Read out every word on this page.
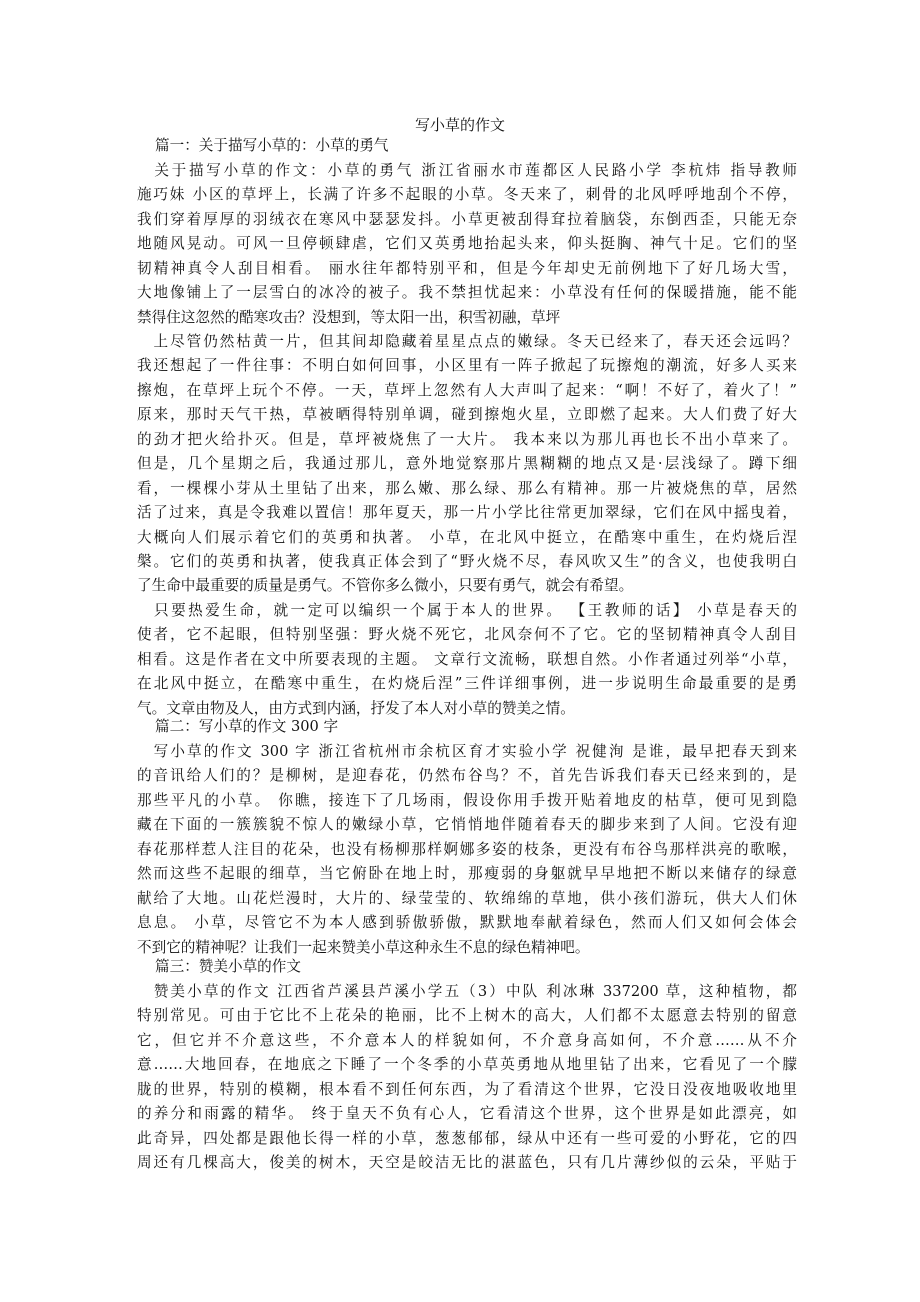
写小草的作文
篇一：关于描写小草的：小草的勇气
　关于描写小草的作文：小草的勇气 浙江省丽水市莲都区人民路小学 李杭炜 指导教师
施巧妹 小区的草坪上，长满了许多不起眼的小草。冬天来了，刺骨的北风呼呼地刮个不停，
我们穿着厚厚的羽绒衣在寒风中瑟瑟发抖。小草更被刮得耷拉着脑袋，东倒西歪，只能无奈
地随风晃动。可风一旦停顿肆虐，它们又英勇地抬起头来，仰头挺胸、神气十足。它们的坚
韧精神真令人刮目相看。 丽水往年都特别平和，但是今年却史无前例地下了好几场大雪，
大地像铺上了一层雪白的冰冷的被子。我不禁担忧起来：小草没有任何的保暖措施，能不能
禁得住这忽然的酷寒攻击？没想到，等太阳一出，积雪初融，草坪
　上尽管仍然枯黄一片，但其间却隐藏着星星点点的嫩绿。冬天已经来了，春天还会远吗？
我还想起了一件往事：不明白如何回事，小区里有一阵子掀起了玩擦炮的潮流，好多人买来
擦炮，在草坪上玩个不停。一天，草坪上忽然有人大声叫了起来：“啊！不好了，着火了！”
原来，那时天气干热，草被晒得特别单调，碰到擦炮火星，立即燃了起来。大人们费了好大
的劲才把火给扑灭。但是，草坪被烧焦了一大片。 我本来以为那儿再也长不出小草来了。
但是，几个星期之后，我通过那儿，意外地觉察那片黑糊糊的地点又是·层浅绿了。蹲下细
看，一棵棵小芽从土里钻了出来，那么嫩、那么绿、那么有精神。那一片被烧焦的草，居然
活了过来，真是令我难以置信！那年夏天，那一片小学比往常更加翠绿，它们在风中摇曳着，
大概向人们展示着它们的英勇和执著。 小草，在北风中挺立，在酷寒中重生，在灼烧后涅
槃。它们的英勇和执著，使我真正体会到了“野火烧不尽，春风吹又生”的含义，也使我明白
了生命中最重要的质量是勇气。不管你多么微小，只要有勇气，就会有希望。
　只要热爱生命，就一定可以编织一个属于本人的世界。 【王教师的话】 小草是春天的
使者，它不起眼，但特别坚强：野火烧不死它，北风奈何不了它。它的坚韧精神真令人刮目
相看。这是作者在文中所要表现的主题。 文章行文流畅，联想自然。小作者通过列举“小草，
在北风中挺立，在酷寒中重生，在灼烧后涅”三件详细事例，进一步说明生命最重要的是勇
气。文章由物及人，由方式到内涵，抒发了本人对小草的赞美之情。
篇二：写小草的作文 300 字
　写小草的作文 300 字 浙江省杭州市余杭区育才实验小学 祝健洵 是谁，最早把春天到来
的音讯给人们的？是柳树，是迎春花，仍然布谷鸟？不，首先告诉我们春天已经来到的，是
那些平凡的小草。 你瞧，接连下了几场雨，假设你用手拨开贴着地皮的枯草，便可见到隐
藏在下面的一簇簇貌不惊人的嫩绿小草，它悄悄地伴随着春天的脚步来到了人间。它没有迎
春花那样惹人注目的花朵，也没有杨柳那样婀娜多姿的枝条，更没有布谷鸟那样洪亮的歌喉，
然而这些不起眼的细草，当它俯卧在地上时，那瘦弱的身躯就早早地把不断以来储存的绿意
献给了大地。山花烂漫时，大片的、绿莹莹的、软绵绵的草地，供小孩们游玩，供大人们休
息息。 小草，尽管它不为本人感到骄傲骄傲，默默地奉献着绿色，然而人们又如何会体会
不到它的精神呢？让我们一起来赞美小草这种永生不息的绿色精神吧。
篇三：赞美小草的作文
　赞美小草的作文 江西省芦溪县芦溪小学五（3）中队 利冰琳 337200 草，这种植物，都
特别常见。可由于它比不上花朵的艳丽，比不上树木的高大，人们都不太愿意去特别的留意
它，但它并不介意这些，不介意本人的样貌如何，不介意身高如何，不介意……从不介
意……大地回春，在地底之下睡了一个冬季的小草英勇地从地里钻了出来，它看见了一个朦
胧的世界，特别的模糊，根本看不到任何东西，为了看清这个世界，它没日没夜地吸收地里
的养分和雨露的精华。 终于皇天不负有心人，它看清这个世界，这个世界是如此漂亮，如
此奇异，四处都是跟他长得一样的小草，葱葱郁郁，绿从中还有一些可爱的小野花，它的四
周还有几棵高大，俊美的树木，天空是皎洁无比的湛蓝色，只有几片薄纱似的云朵，平贴于
